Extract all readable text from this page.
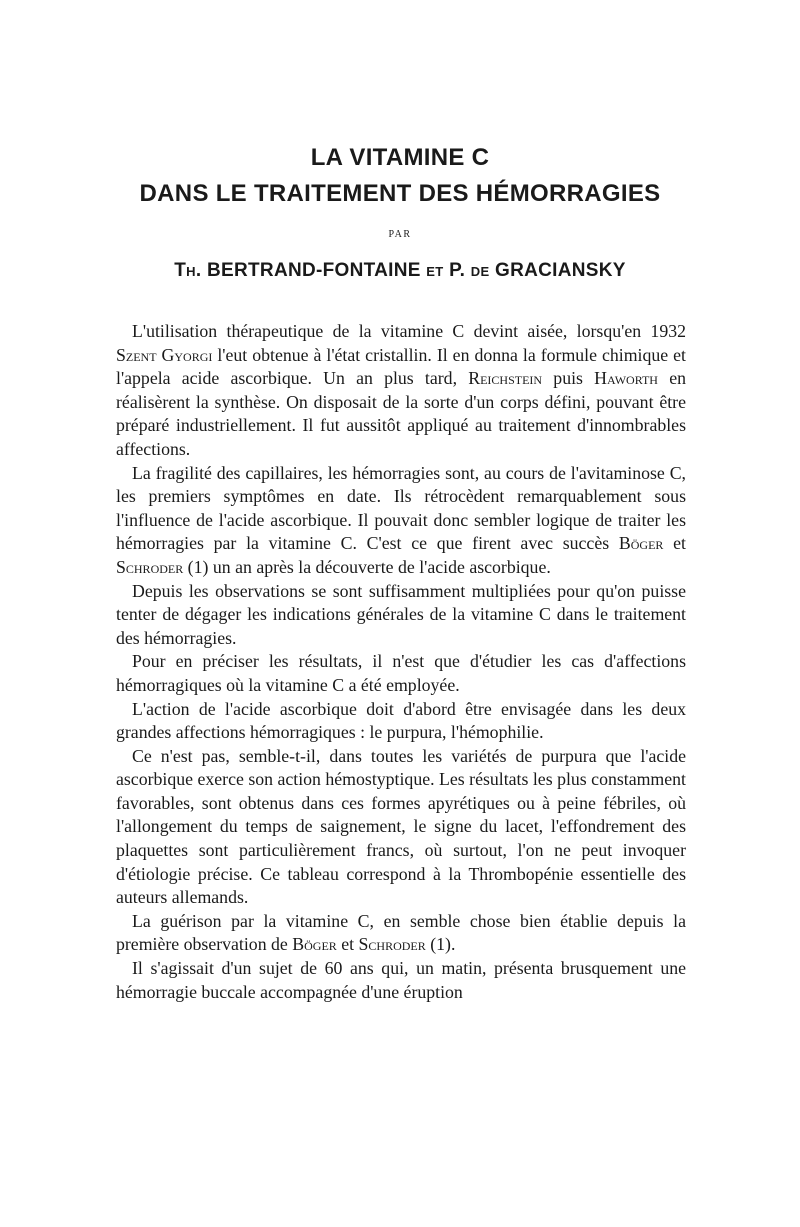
LA VITAMINE C
DANS LE TRAITEMENT DES HÉMORRAGIES
PAR
Th. BERTRAND-FONTAINE et P. de GRACIANSKY

L'utilisation thérapeutique de la vitamine C devint aisée, lorsqu'en 1932 Szent Gyorgi l'eut obtenue à l'état cristallin. Il en donna la formule chimique et l'appela acide ascorbique. Un an plus tard, Reichstein puis Haworth en réalisèrent la synthèse. On disposait de la sorte d'un corps défini, pouvant être préparé industriellement. Il fut aussitôt appliqué au traitement d'innombrables affections.

La fragilité des capillaires, les hémorragies sont, au cours de l'avitaminose C, les premiers symptômes en date. Ils rétrocèdent remarquablement sous l'influence de l'acide ascorbique. Il pouvait donc sembler logique de traiter les hémorragies par la vitamine C. C'est ce que firent avec succès Böger et Schroder (1) un an après la découverte de l'acide ascorbique.

Depuis les observations se sont suffisamment multipliées pour qu'on puisse tenter de dégager les indications générales de la vitamine C dans le traitement des hémorragies.

Pour en préciser les résultats, il n'est que d'étudier les cas d'affections hémorragiques où la vitamine C a été employée.

L'action de l'acide ascorbique doit d'abord être envisagée dans les deux grandes affections hémorragiques : le purpura, l'hémophilie.

Ce n'est pas, semble-t-il, dans toutes les variétés de purpura que l'acide ascorbique exerce son action hémostyptique. Les résultats les plus constamment favorables, sont obtenus dans ces formes apyrétiques ou à peine fébriles, où l'allongement du temps de saignement, le signe du lacet, l'effondrement des plaquettes sont particulièrement francs, où surtout, l'on ne peut invoquer d'étiologie précise. Ce tableau correspond à la Thrombopénie essentielle des auteurs allemands.

La guérison par la vitamine C, en semble chose bien établie depuis la première observation de Böger et Schroder (1).

Il s'agissait d'un sujet de 60 ans qui, un matin, présenta brusquement une hémorragie buccale accompagnée d'une éruption
